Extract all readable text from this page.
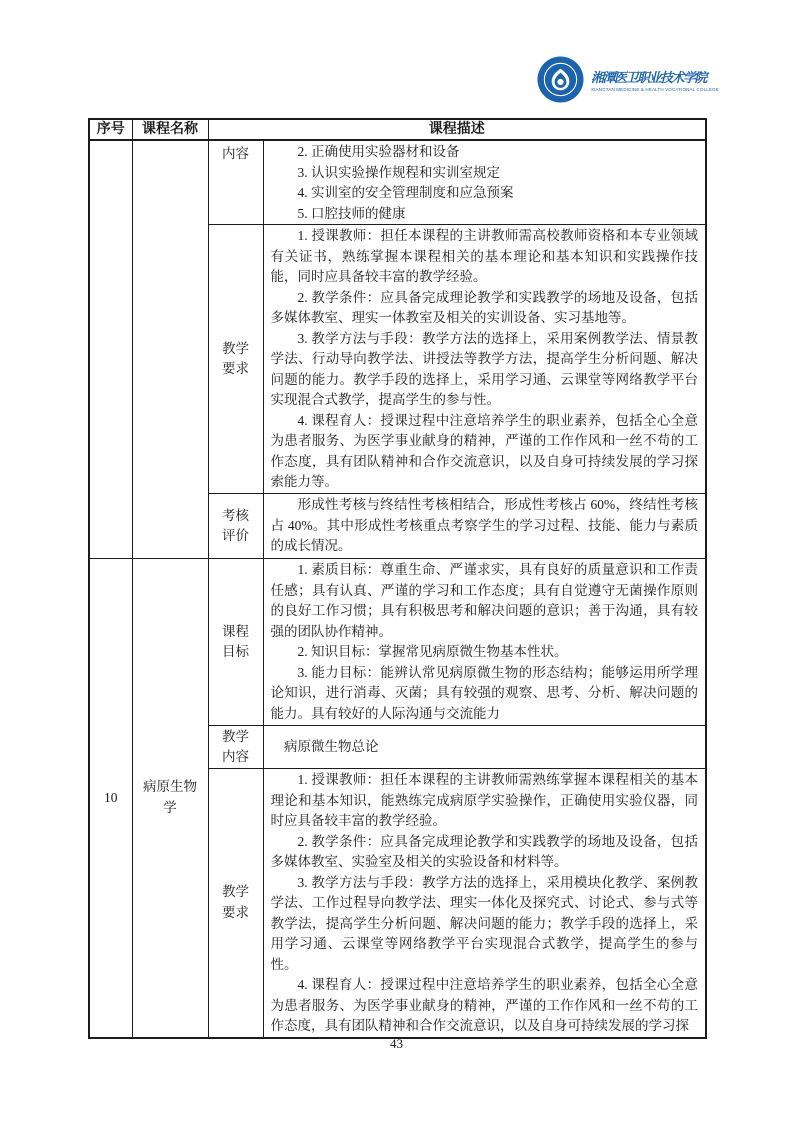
湘潭医卫职业技术学院
XIANGTAN MEDICINE & HEALTH VOCATIONAL COLLEGE
序号	课程名称	课程描述	
		内容	2. 正确使用实验器材和设备
3. 认识实验操作规程和实训室规定
4. 实训室的安全管理制度和应急预案
5. 口腔技师的健康

		教学要求	1. 授课教师：担任本课程的主讲教师需高校教师资格和本专业领域有关证书，熟练掌握本课程相关的基本理论和基本知识和实践操作技能，同时应具备较丰富的教学经验。

2. 教学条件：应具备完成理论教学和实践教学的场地及设备，包括多媒体教室、理实一体教室及相关的实训设备、实习基地等。

3. 教学方法与手段：教学方法的选择上，采用案例教学法、情景教学法、行动导向教学法、讲授法等教学方法，提高学生分析问题、解决问题的能力。教学手段的选择上，采用学习通、云课堂等网络教学平台实现混合式教学，提高学生的参与性。

4. 课程育人：授课过程中注意培养学生的职业素养，包括全心全意为患者服务、为医学事业献身的精神，严谨的工作作风和一丝不苟的工作态度，具有团队精神和合作交流意识，以及自身可持续发展的学习探索能力等。

		考核评价	形成性考核与终结性考核相结合，形成性考核占 60%，终结性考核占 40%。其中形成性考核重点考察学生的学习过程、技能、能力与素质的成长情况。

10	病原生物学	课程目标	1. 素质目标：尊重生命、严谨求实，具有良好的质量意识和工作责任感；具有认真、严谨的学习和工作态度；具有自觉遵守无菌操作原则的良好工作习惯；具有积极思考和解决问题的意识；善于沟通，具有较强的团队协作精神。

2. 知识目标：掌握常见病原微生物基本性状。

3. 能力目标：能辨认常见病原微生物的形态结构；能够运用所学理论知识，进行消毒、灭菌；具有较强的观察、思考、分析、解决问题的能力。具有较好的人际沟通与交流能力

		教学内容	病原微生物总论

		教学要求	1. 授课教师：担任本课程的主讲教师需熟练掌握本课程相关的基本理论和基本知识，能熟练完成病原学实验操作，正确使用实验仪器，同时应具备较丰富的教学经验。

2. 教学条件：应具备完成理论教学和实践教学的场地及设备，包括多媒体教室、实验室及相关的实验设备和材料等。

3. 教学方法与手段：教学方法的选择上，采用模块化教学、案例教学法、工作过程导向教学法、理实一体化及探究式、讨论式、参与式等教学法，提高学生分析问题、解决问题的能力；教学手段的选择上，采用学习通、云课堂等网络教学平台实现混合式教学，提高学生的参与性。

4. 课程育人：授课过程中注意培养学生的职业素养，包括全心全意为患者服务、为医学事业献身的精神，严谨的工作作风和一丝不苟的工作态度，具有团队精神和合作交流意识，以及自身可持续发展的学习探

43
